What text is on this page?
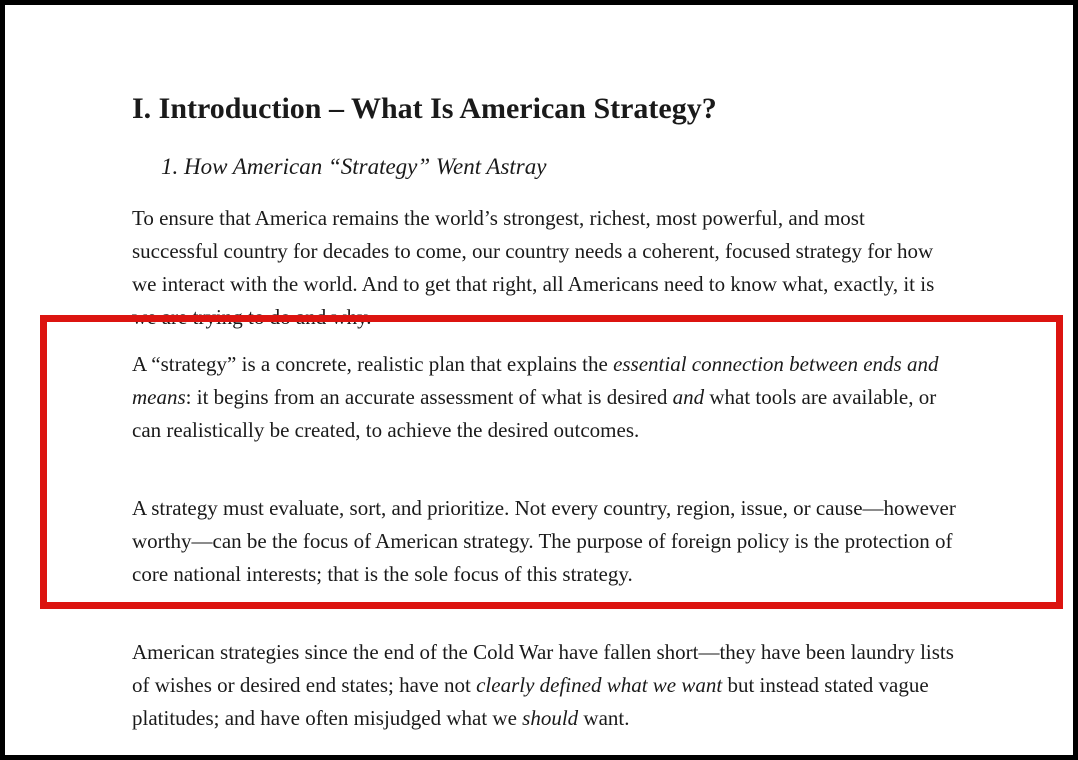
I. Introduction – What Is American Strategy?
1. How American “Strategy” Went Astray

To ensure that America remains the world’s strongest, richest, most powerful, and most successful country for decades to come, our country needs a coherent, focused strategy for how we interact with the world. And to get that right, all Americans need to know what, exactly, it is we are trying to do and why.

A “strategy” is a concrete, realistic plan that explains the essential connection between ends and means: it begins from an accurate assessment of what is desired and what tools are available, or can realistically be created, to achieve the desired outcomes.

A strategy must evaluate, sort, and prioritize. Not every country, region, issue, or cause—however worthy—can be the focus of American strategy. The purpose of foreign policy is the protection of core national interests; that is the sole focus of this strategy.

American strategies since the end of the Cold War have fallen short—they have been laundry lists of wishes or desired end states; have not clearly defined what we want but instead stated vague platitudes; and have often misjudged what we should want.
